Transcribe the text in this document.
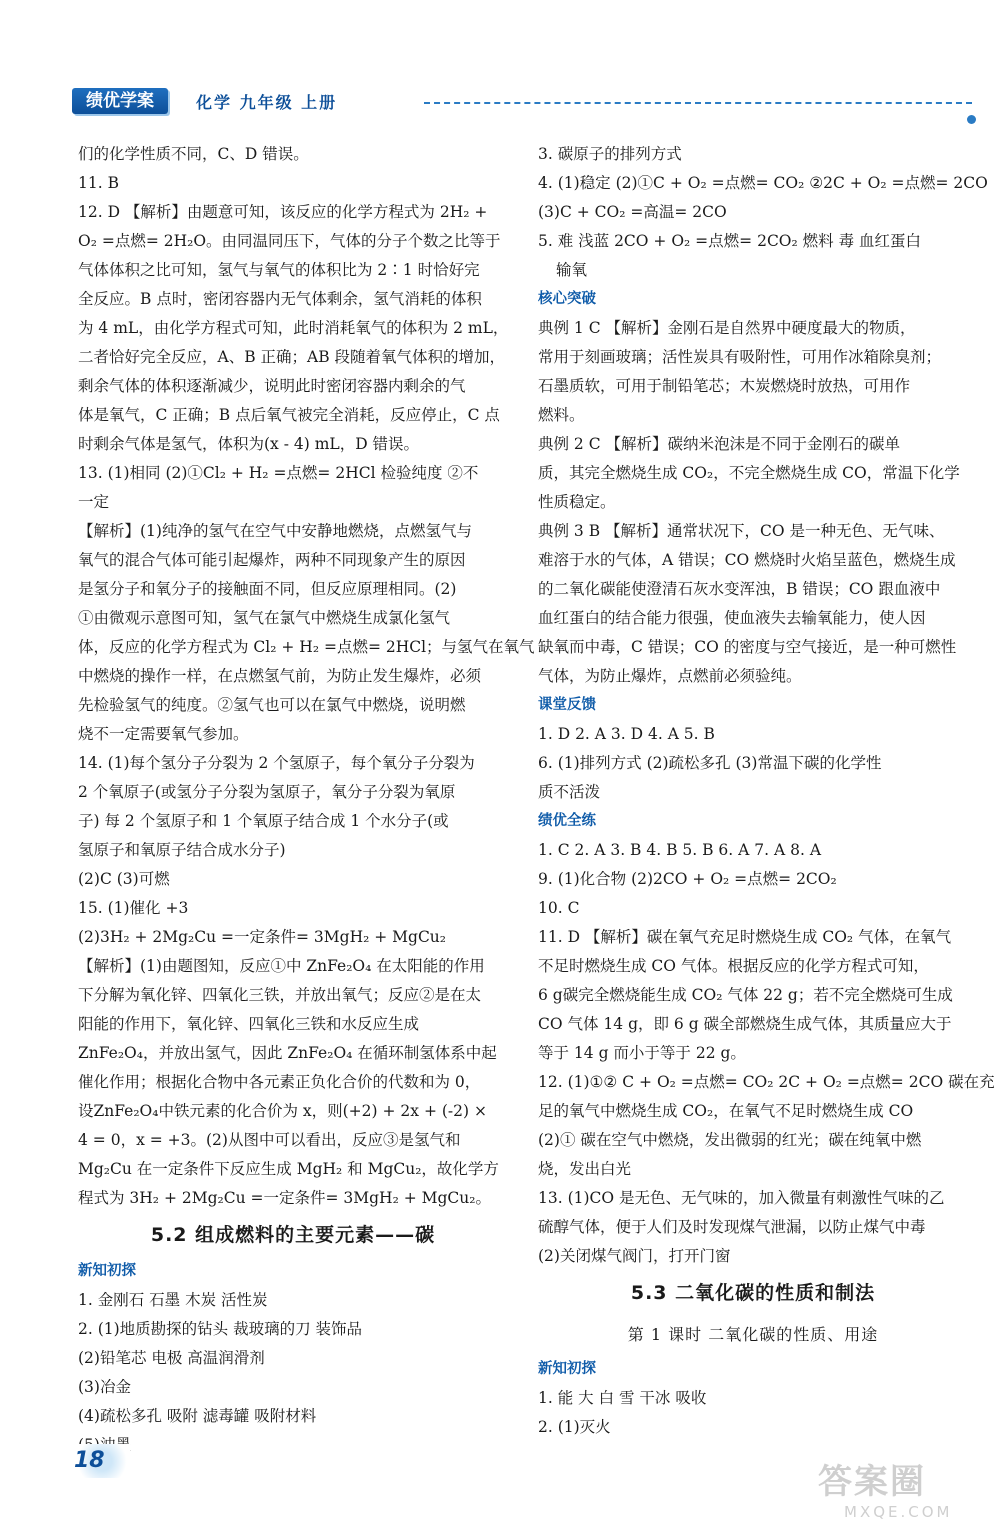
绩优学案	化学 九年级 上册
们的化学性质不同，C、D 错误。
11. B
12. D 【解析】由题意可知，该反应的化学方程式为 2H₂ +
O₂ =点燃= 2H₂O。由同温同压下，气体的分子个数之比等于
气体体积之比可知，氢气与氧气的体积比为 2∶1 时恰好完
全反应。B 点时，密闭容器内无气体剩余，氢气消耗的体积
为 4 mL，由化学方程式可知，此时消耗氧气的体积为 2 mL，
二者恰好完全反应，A、B 正确；AB 段随着氧气体积的增加，
剩余气体的体积逐渐减少，说明此时密闭容器内剩余的气
体是氧气，C 正确；B 点后氧气被完全消耗，反应停止，C 点
时剩余气体是氢气，体积为(x - 4) mL，D 错误。
13. (1)相同 (2)①Cl₂ + H₂ =点燃= 2HCl 检验纯度 ②不
一定
【解析】(1)纯净的氢气在空气中安静地燃烧，点燃氢气与
氧气的混合气体可能引起爆炸，两种不同现象产生的原因
是氢分子和氧分子的接触面不同，但反应原理相同。(2)
①由微观示意图可知，氢气在氯气中燃烧生成氯化氢气
体，反应的化学方程式为 Cl₂ + H₂ =点燃= 2HCl；与氢气在氧气
中燃烧的操作一样，在点燃氢气前，为防止发生爆炸，必须
先检验氢气的纯度。②氢气也可以在氯气中燃烧，说明燃
烧不一定需要氧气参加。
14. (1)每个氢分子分裂为 2 个氢原子，每个氧分子分裂为
2 个氧原子(或氢分子分裂为氢原子，氧分子分裂为氧原
子) 每 2 个氢原子和 1 个氧原子结合成 1 个水分子(或
氢原子和氧原子结合成水分子)
(2)C (3)可燃
15. (1)催化 +3
(2)3H₂ + 2Mg₂Cu =一定条件= 3MgH₂ + MgCu₂
【解析】(1)由题图知，反应①中 ZnFe₂O₄ 在太阳能的作用
下分解为氧化锌、四氧化三铁，并放出氧气；反应②是在太
阳能的作用下，氧化锌、四氧化三铁和水反应生成
ZnFe₂O₄，并放出氢气，因此 ZnFe₂O₄ 在循环制氢体系中起
催化作用；根据化合物中各元素正负化合价的代数和为 0，
设ZnFe₂O₄中铁元素的化合价为 x，则(+2) + 2x + (-2) ×
4 = 0，x = +3。(2)从图中可以看出，反应③是氢气和
Mg₂Cu 在一定条件下反应生成 MgH₂ 和 MgCu₂，故化学方
程式为 3H₂ + 2Mg₂Cu =一定条件= 3MgH₂ + MgCu₂。
5.2 组成燃料的主要元素——碳
新知初探
1. 金刚石 石墨 木炭 活性炭
2. (1)地质勘探的钻头 裁玻璃的刀 装饰品
(2)铅笔芯 电极 高温润滑剂
(3)冶金
(4)疏松多孔 吸附 滤毒罐 吸附材料
3. 碳原子的排列方式
4. (1)稳定 (2)①C + O₂ =点燃= CO₂ ②2C + O₂ =点燃= 2CO
(3)C + CO₂ =高温= 2CO
5. 难 浅蓝 2CO + O₂ =点燃= 2CO₂ 燃料 毒 血红蛋白
输氧
核心突破
典例 1 C 【解析】金刚石是自然界中硬度最大的物质，
常用于刻画玻璃；活性炭具有吸附性，可用作冰箱除臭剂；
石墨质软，可用于制铅笔芯；木炭燃烧时放热，可用作
燃料。
典例 2 C 【解析】碳纳米泡沫是不同于金刚石的碳单
质，其完全燃烧生成 CO₂，不完全燃烧生成 CO，常温下化学
性质稳定。
典例 3 B 【解析】通常状况下，CO 是一种无色、无气味、
难溶于水的气体，A 错误；CO 燃烧时火焰呈蓝色，燃烧生成
的二氧化碳能使澄清石灰水变浑浊，B 错误；CO 跟血液中
血红蛋白的结合能力很强，使血液失去输氧能力，使人因
缺氧而中毒，C 错误；CO 的密度与空气接近，是一种可燃性
气体，为防止爆炸，点燃前必须验纯。
课堂反馈
1. D 2. A 3. D 4. A 5. B
6. (1)排列方式 (2)疏松多孔 (3)常温下碳的化学性
质不活泼
绩优全练
1. C 2. A 3. B 4. B 5. B 6. A 7. A 8. A
9. (1)化合物 (2)2CO + O₂ =点燃= 2CO₂
10. C
11. D 【解析】碳在氧气充足时燃烧生成 CO₂ 气体，在氧气
不足时燃烧生成 CO 气体。根据反应的化学方程式可知，
6 g碳完全燃烧能生成 CO₂ 气体 22 g；若不完全燃烧可生成
CO 气体 14 g，即 6 g 碳全部燃烧生成气体，其质量应大于
等于 14 g 而小于等于 22 g。
12. (1)①② C + O₂ =点燃= CO₂ 2C + O₂ =点燃= 2CO 碳在充
足的氧气中燃烧生成 CO₂，在氧气不足时燃烧生成 CO
(2)① 碳在空气中燃烧，发出微弱的红光；碳在纯氧中燃
烧，发出白光
13. (1)CO 是无色、无气味的，加入微量有刺激性气味的乙
硫醇气体，便于人们及时发现煤气泄漏，以防止煤气中毒
(2)关闭煤气阀门，打开门窗
5.3 二氧化碳的性质和制法
第 1 课时 二氧化碳的性质、用途
新知初探
1. 能 大 白 雪 干冰 吸收
2. (1)灭火
18
答案圈
MXQE.COM
